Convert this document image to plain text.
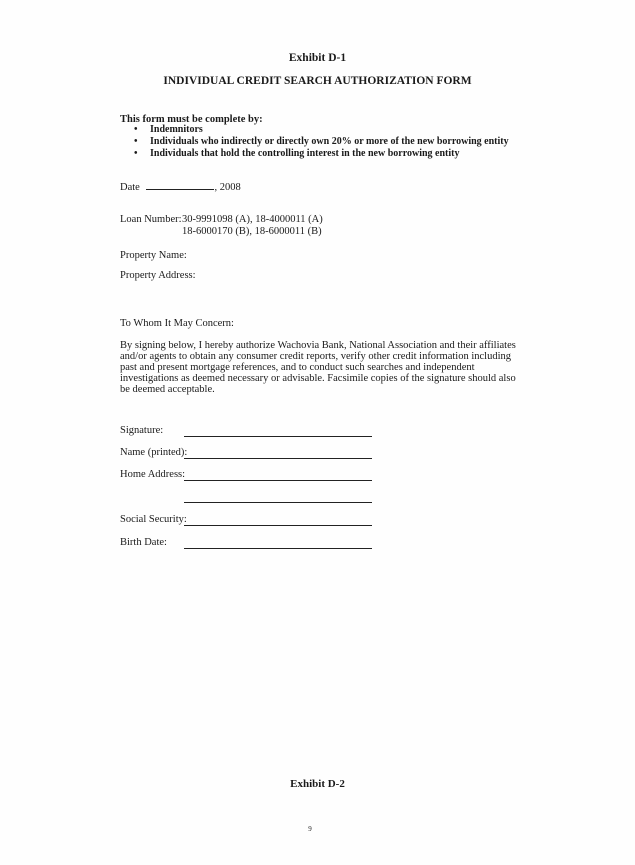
Exhibit D-1
INDIVIDUAL CREDIT SEARCH AUTHORIZATION FORM
This form must be complete by:
• Indemnitors
• Individuals who indirectly or directly own 20% or more of the new borrowing entity
• Individuals that hold the controlling interest in the new borrowing entity
Date	, 2008
Loan Number: 30-9991098 (A), 18-4000011 (A)
18-6000170 (B), 18-6000011 (B)
Property Name:
Property Address:
To Whom It May Concern:
By signing below, I hereby authorize Wachovia Bank, National Association and their affiliates and/or agents to obtain any consumer credit reports, verify other credit information including past and present mortgage references, and to conduct such searches and independent investigations as deemed necessary or advisable. Facsimile copies of the signature should also be deemed acceptable.
Signature:
Name (printed):
Home Address:
Social Security:
Birth Date:
Exhibit D-2
9
